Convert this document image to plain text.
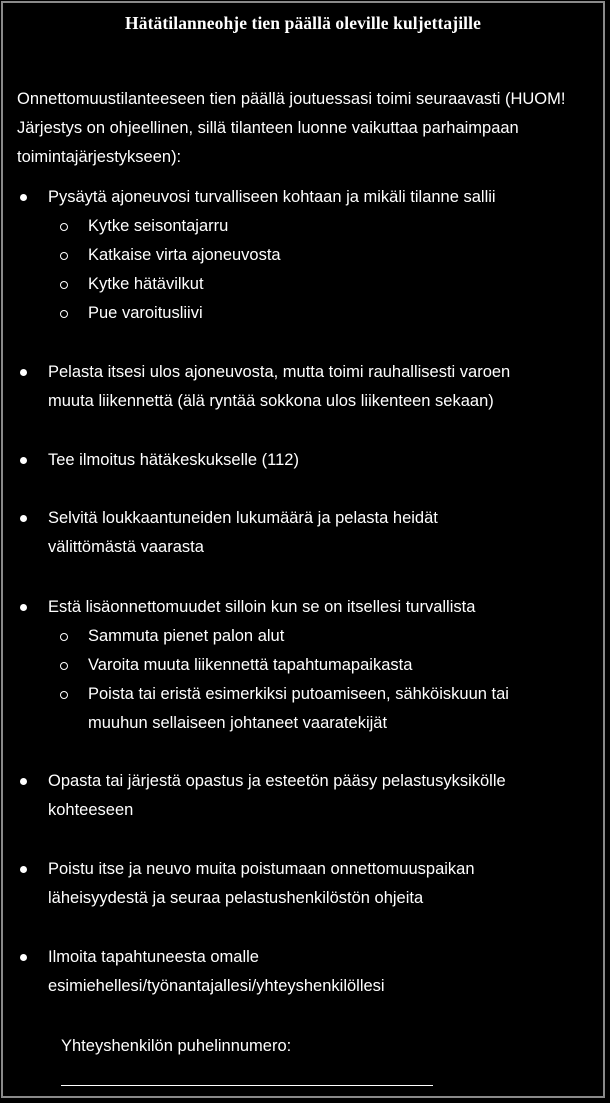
Hätätilanneohje tien päällä oleville kuljettajille
Onnettomuustilanteeseen tien päällä joutuessasi toimi seuraavasti (HUOM! Järjestys on ohjeellinen, sillä tilanteen luonne vaikuttaa parhaimpaan toimintajärjestykseen):
Pysäytä ajoneuvosi turvalliseen kohtaan ja mikäli tilanne sallii
Kytke seisontajarru
Katkaise virta ajoneuvosta
Kytke hätävilkut
Pue varoitusliivi
Pelasta itsesi ulos ajoneuvosta, mutta toimi rauhallisesti varoen
muuta liikennettä (älä ryntää sokkona ulos liikenteen sekaan)
Tee ilmoitus hätäkeskukselle (112)
Selvitä loukkaantuneiden lukumäärä ja pelasta heidät
välittömästä vaarasta
Estä lisäonnettomuudet silloin kun se on itsellesi turvallista
Sammuta pienet palon alut
Varoita muuta liikennettä tapahtumapaikasta
Poista tai eristä esimerkiksi putoamiseen, sähköiskuun tai
muuhun sellaiseen johtaneet vaaratekijät
Opasta tai järjestä opastus ja esteetön pääsy pelastusyksikölle
kohteeseen
Poistu itse ja neuvo muita poistumaan onnettomuuspaikan
läheisyydestä ja seuraa pelastushenkilöstön ohjeita
Ilmoita tapahtuneesta omalle
esimiehellesi/työnantajallesi/yhteyshenkilöllesi
Yhteyshenkilön puhelinnumero:
